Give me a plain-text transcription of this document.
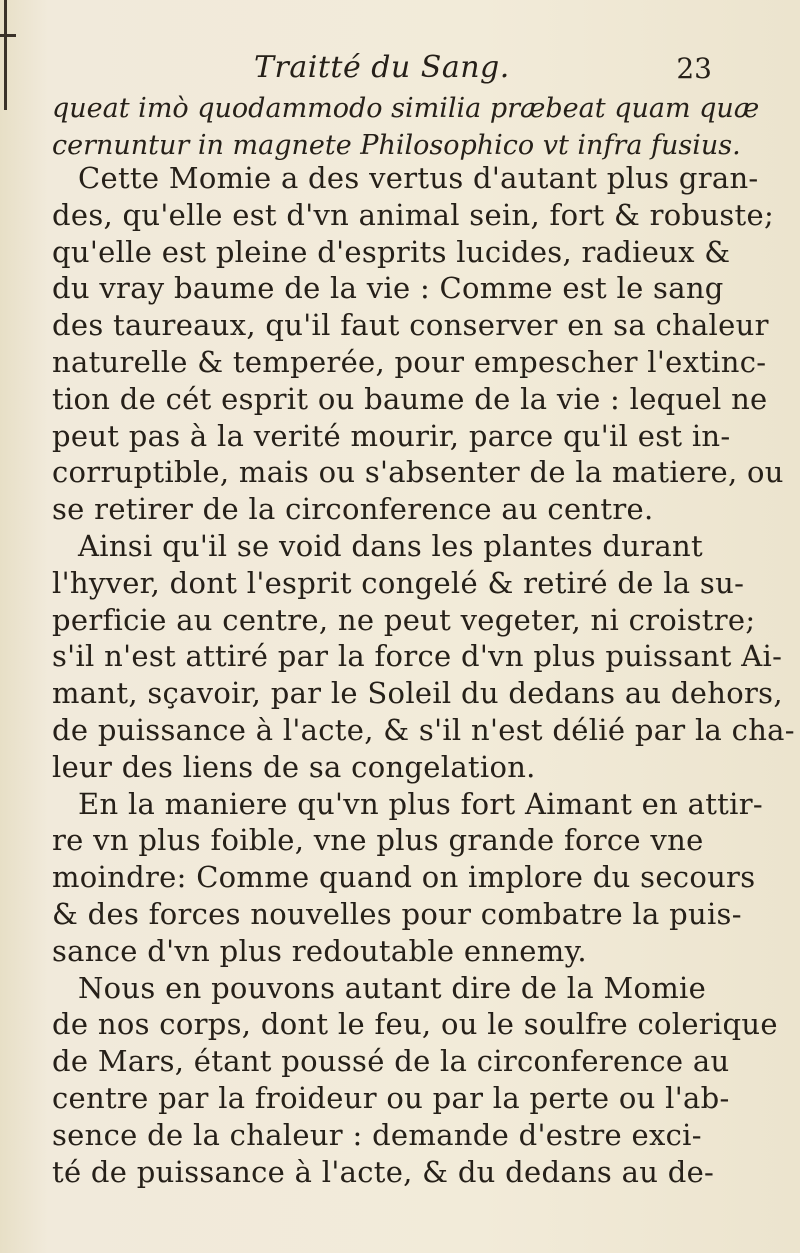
Traitté du Sang.	23
queat imò quodammodo similia præbeat quam quæ
cernuntur in magnete Philosophico vt infra fusius.
Cette Momie a des vertus d'autant plus gran-
des, qu'elle est d'vn animal sein, fort & robuste;
qu'elle est pleine d'esprits lucides, radieux &
du vray baume de la vie : Comme est le sang
des taureaux, qu'il faut conserver en sa chaleur
naturelle & temperée, pour empescher l'extinc-
tion de cét esprit ou baume de la vie : lequel ne
peut pas à la verité mourir, parce qu'il est in-
corruptible, mais ou s'absenter de la matiere, ou
se retirer de la circonference au centre.
Ainsi qu'il se void dans les plantes durant
l'hyver, dont l'esprit congelé & retiré de la su-
perficie au centre, ne peut vegeter, ni croistre;
s'il n'est attiré par la force d'vn plus puissant Ai-
mant, sçavoir, par le Soleil du dedans au dehors,
de puissance à l'acte, & s'il n'est délié par la cha-
leur des liens de sa congelation.
En la maniere qu'vn plus fort Aimant en attir-
re vn plus foible, vne plus grande force vne
moindre: Comme quand on implore du secours
& des forces nouvelles pour combatre la puis-
sance d'vn plus redoutable ennemy.
Nous en pouvons autant dire de la Momie
de nos corps, dont le feu, ou le soulfre colerique
de Mars, étant poussé de la circonference au
centre par la froideur ou par la perte ou l'ab-
sence de la chaleur : demande d'estre exci-
té de puissance à l'acte, & du dedans au de-
